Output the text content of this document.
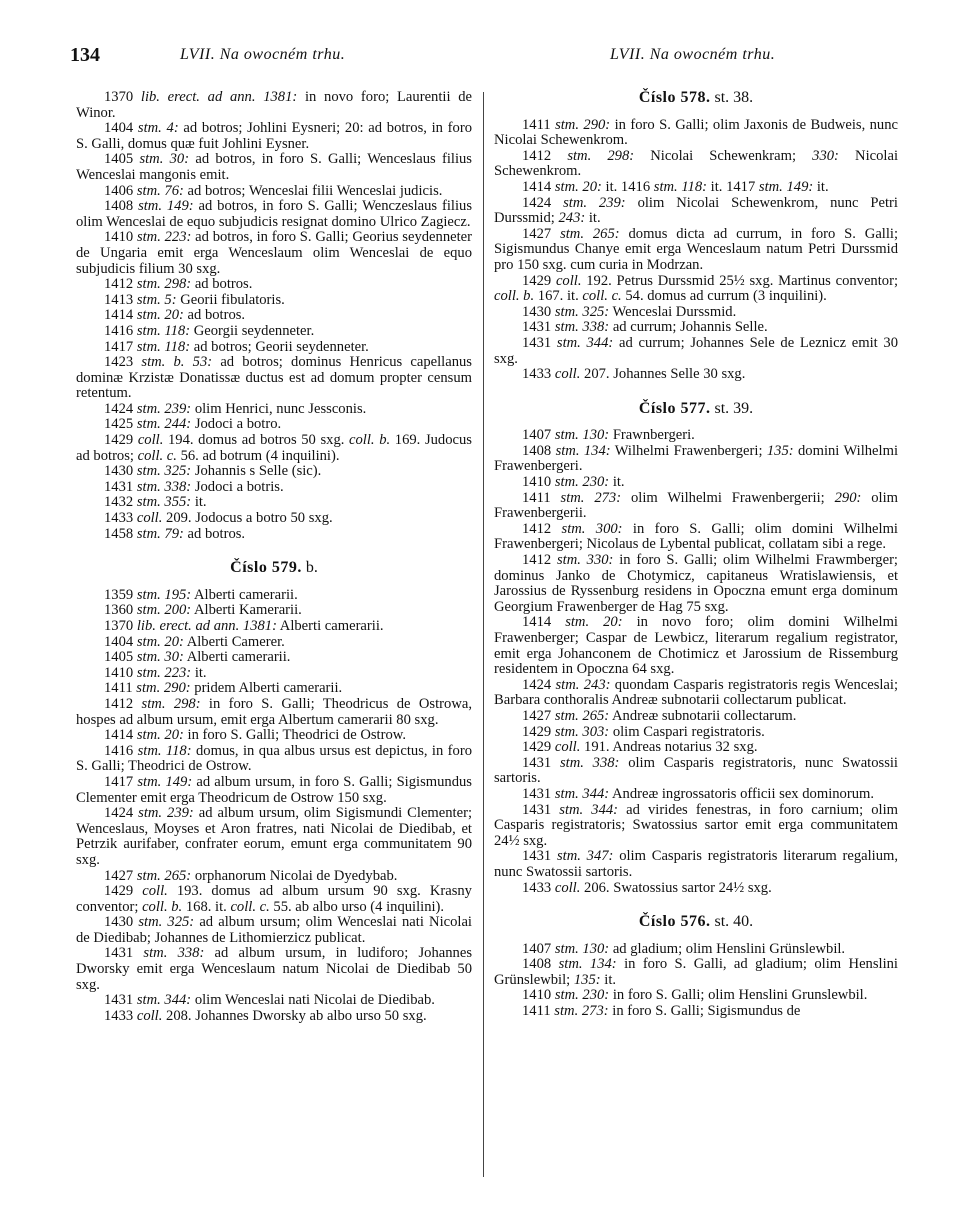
134	LVII. Na owocném trhu.	LVII. Na owocném trhu.

1370 lib. erect. ad ann. 1381: in novo foro; Laurentii de Winor.

1404 stm. 4: ad botros; Johlini Eysneri; 20: ad botros, in foro S. Galli, domus quæ fuit Johlini Eysner.

1405 stm. 30: ad botros, in foro S. Galli; Wenceslaus filius Wenceslai mangonis emit.

1406 stm. 76: ad botros; Wenceslai filii Wenceslai judicis.

1408 stm. 149: ad botros, in foro S. Galli; Wenczeslaus filius olim Wenceslai de equo subjudicis resignat domino Ulrico Zagiecz.

1410 stm. 223: ad botros, in foro S. Galli; Georius seydenneter de Ungaria emit erga Wenceslaum olim Wenceslai de equo subjudicis filium 30 sxg.

1412 stm. 298: ad botros.

1413 stm. 5: Georii fibulatoris.

1414 stm. 20: ad botros.

1416 stm. 118: Georgii seydenneter.

1417 stm. 118: ad botros; Georii seydenneter.

1423 stm. b. 53: ad botros; dominus Henricus capellanus dominæ Krzistæ Donatissæ ductus est ad domum propter censum retentum.

1424 stm. 239: olim Henrici, nunc Jessconis.

1425 stm. 244: Jodoci a botro.

1429 coll. 194. domus ad botros 50 sxg. coll. b. 169. Judocus ad botros; coll. c. 56. ad botrum (4 inquilini).

1430 stm. 325: Johannis s Selle (sic).

1431 stm. 338: Jodoci a botris.

1432 stm. 355: it.

1433 coll. 209. Jodocus a botro 50 sxg.

1458 stm. 79: ad botros.

Číslo 579. b.

1359 stm. 195: Alberti camerarii.

1360 stm. 200: Alberti Kamerarii.

1370 lib. erect. ad ann. 1381: Alberti camerarii.

1404 stm. 20: Alberti Camerer.

1405 stm. 30: Alberti camerarii.

1410 stm. 223: it.

1411 stm. 290: pridem Alberti camerarii.

1412 stm. 298: in foro S. Galli; Theodricus de Ostrowa, hospes ad album ursum, emit erga Albertum camerarii 80 sxg.

1414 stm. 20: in foro S. Galli; Theodrici de Ostrow.

1416 stm. 118: domus, in qua albus ursus est depictus, in foro S. Galli; Theodrici de Ostrow.

1417 stm. 149: ad album ursum, in foro S. Galli; Sigismundus Clementer emit erga Theodricum de Ostrow 150 sxg.

1424 stm. 239: ad album ursum, olim Sigismundi Clementer; Wenceslaus, Moyses et Aron fratres, nati Nicolai de Diedibab, et Petrzik aurifaber, confrater eorum, emunt erga communitatem 90 sxg.

1427 stm. 265: orphanorum Nicolai de Dyedybab.

1429 coll. 193. domus ad album ursum 90 sxg. Krasny conventor; coll. b. 168. it. coll. c. 55. ab albo urso (4 inquilini).

1430 stm. 325: ad album ursum; olim Wenceslai nati Nicolai de Diedibab; Johannes de Lithomierzicz publicat.

1431 stm. 338: ad album ursum, in ludiforo; Johannes Dworsky emit erga Wenceslaum natum Nicolai de Diedibab 50 sxg.

1431 stm. 344: olim Wenceslai nati Nicolai de Diedibab.

1433 coll. 208. Johannes Dworsky ab albo urso 50 sxg.

Číslo 578. st. 38.

1411 stm. 290: in foro S. Galli; olim Jaxonis de Budweis, nunc Nicolai Schewenkrom.

1412 stm. 298: Nicolai Schewenkram; 330: Nicolai Schewenkrom.

1414 stm. 20: it. 1416 stm. 118: it. 1417 stm. 149: it.

1424 stm. 239: olim Nicolai Schewenkrom, nunc Petri Durssmid; 243: it.

1427 stm. 265: domus dicta ad currum, in foro S. Galli; Sigismundus Chanye emit erga Wenceslaum natum Petri Durssmid pro 150 sxg. cum curia in Modrzan.

1429 coll. 192. Petrus Durssmid 25½ sxg. Martinus conventor; coll. b. 167. it. coll. c. 54. domus ad currum (3 inquilini).

1430 stm. 325: Wenceslai Durssmid.

1431 stm. 338: ad currum; Johannis Selle.

1431 stm. 344: ad currum; Johannes Sele de Leznicz emit 30 sxg.

1433 coll. 207. Johannes Selle 30 sxg.

Číslo 577. st. 39.

1407 stm. 130: Frawnbergeri.

1408 stm. 134: Wilhelmi Frawenbergeri; 135: domini Wilhelmi Frawenbergeri.

1410 stm. 230: it.

1411 stm. 273: olim Wilhelmi Frawenbergerii; 290: olim Frawenbergerii.

1412 stm. 300: in foro S. Galli; olim domini Wilhelmi Frawenbergeri; Nicolaus de Lybental publicat, collatam sibi a rege.

1412 stm. 330: in foro S. Galli; olim Wilhelmi Frawmberger; dominus Janko de Chotymicz, capitaneus Wratislawiensis, et Jarossius de Ryssenburg residens in Opoczna emunt erga dominum Georgium Frawenberger de Hag 75 sxg.

1414 stm. 20: in novo foro; olim domini Wilhelmi Frawenberger; Caspar de Lewbicz, literarum regalium registrator, emit erga Johanconem de Chotimicz et Jarossium de Rissemburg residentem in Opoczna 64 sxg.

1424 stm. 243: quondam Casparis registratoris regis Wenceslai; Barbara conthoralis Andreæ subnotarii collectarum publicat.

1427 stm. 265: Andreæ subnotarii collectarum.

1429 stm. 303: olim Caspari registratoris.

1429 coll. 191. Andreas notarius 32 sxg.

1431 stm. 338: olim Casparis registratoris, nunc Swatossii sartoris.

1431 stm. 344: Andreæ ingrossatoris officii sex dominorum.

1431 stm. 344: ad virides fenestras, in foro carnium; olim Casparis registratoris; Swatossius sartor emit erga communitatem 24½ sxg.

1431 stm. 347: olim Casparis registratoris literarum regalium, nunc Swatossii sartoris.

1433 coll. 206. Swatossius sartor 24½ sxg.

Číslo 576. st. 40.

1407 stm. 130: ad gladium; olim Henslini Grünslewbil.

1408 stm. 134: in foro S. Galli, ad gladium; olim Henslini Grünslewbil; 135: it.

1410 stm. 230: in foro S. Galli; olim Henslini Grunslewbil.

1411 stm. 273: in foro S. Galli; Sigismundus de
